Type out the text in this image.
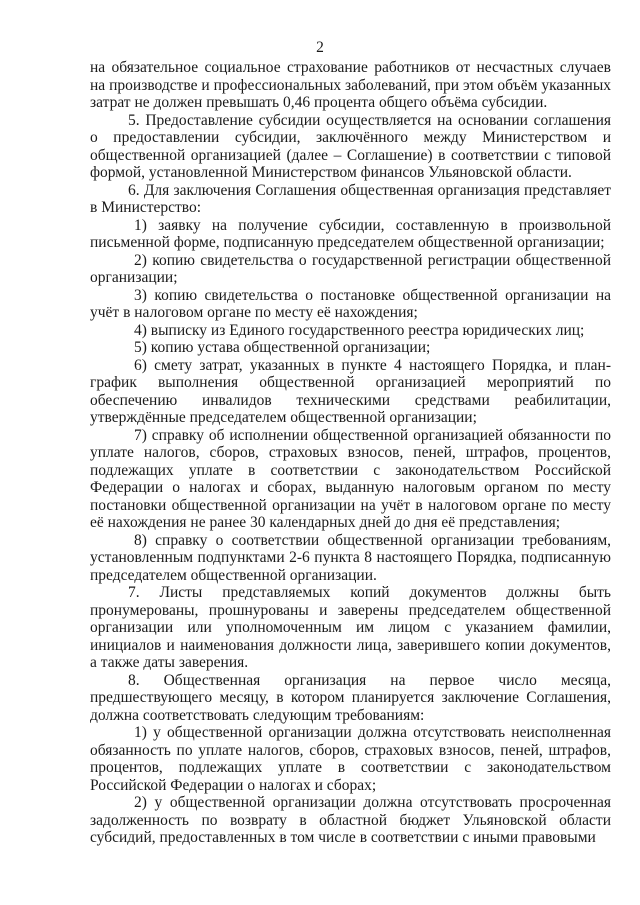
2

на обязательное социальное страхование работников от несчастных случаев на производстве и профессиональных заболеваний, при этом объём указанных затрат не должен превышать 0,46 процента общего объёма субсидии.

5. Предоставление субсидии осуществляется на основании соглашения о предоставлении субсидии, заключённого между Министерством и общественной организацией (далее – Соглашение) в соответствии с типовой формой, установленной Министерством финансов Ульяновской области.

6. Для заключения Соглашения общественная организация представляет в Министерство:

1) заявку на получение субсидии, составленную в произвольной письменной форме, подписанную председателем общественной организации;

2) копию свидетельства о государственной регистрации общественной организации;

3) копию свидетельства о постановке общественной организации на учёт в налоговом органе по месту её нахождения;

4) выписку из Единого государственного реестра юридических лиц;

5) копию устава общественной организации;

6) смету затрат, указанных в пункте 4 настоящего Порядка, и план-график выполнения общественной организацией мероприятий по обеспечению инвалидов техническими средствами реабилитации, утверждённые председателем общественной организации;

7) справку об исполнении общественной организацией обязанности по уплате налогов, сборов, страховых взносов, пеней, штрафов, процентов, подлежащих уплате в соответствии с законодательством Российской Федерации о налогах и сборах, выданную налоговым органом по месту постановки общественной организации на учёт в налоговом органе по месту её нахождения не ранее 30 календарных дней до дня её представления;

8) справку о соответствии общественной организации требованиям, установленным подпунктами 2-6 пункта 8 настоящего Порядка, подписанную председателем общественной организации.

7. Листы представляемых копий документов должны быть пронумерованы, прошнурованы и заверены председателем общественной организации или уполномоченным им лицом с указанием фамилии, инициалов и наименования должности лица, заверившего копии документов, а также даты заверения.

8. Общественная организация на первое число месяца, предшествующего месяцу, в котором планируется заключение Соглашения, должна соответствовать следующим требованиям:

1) у общественной организации должна отсутствовать неисполненная обязанность по уплате налогов, сборов, страховых взносов, пеней, штрафов, процентов, подлежащих уплате в соответствии с законодательством Российской Федерации о налогах и сборах;

2) у общественной организации должна отсутствовать просроченная задолженность по возврату в областной бюджет Ульяновской области субсидий, предоставленных в том числе в соответствии с иными правовыми
